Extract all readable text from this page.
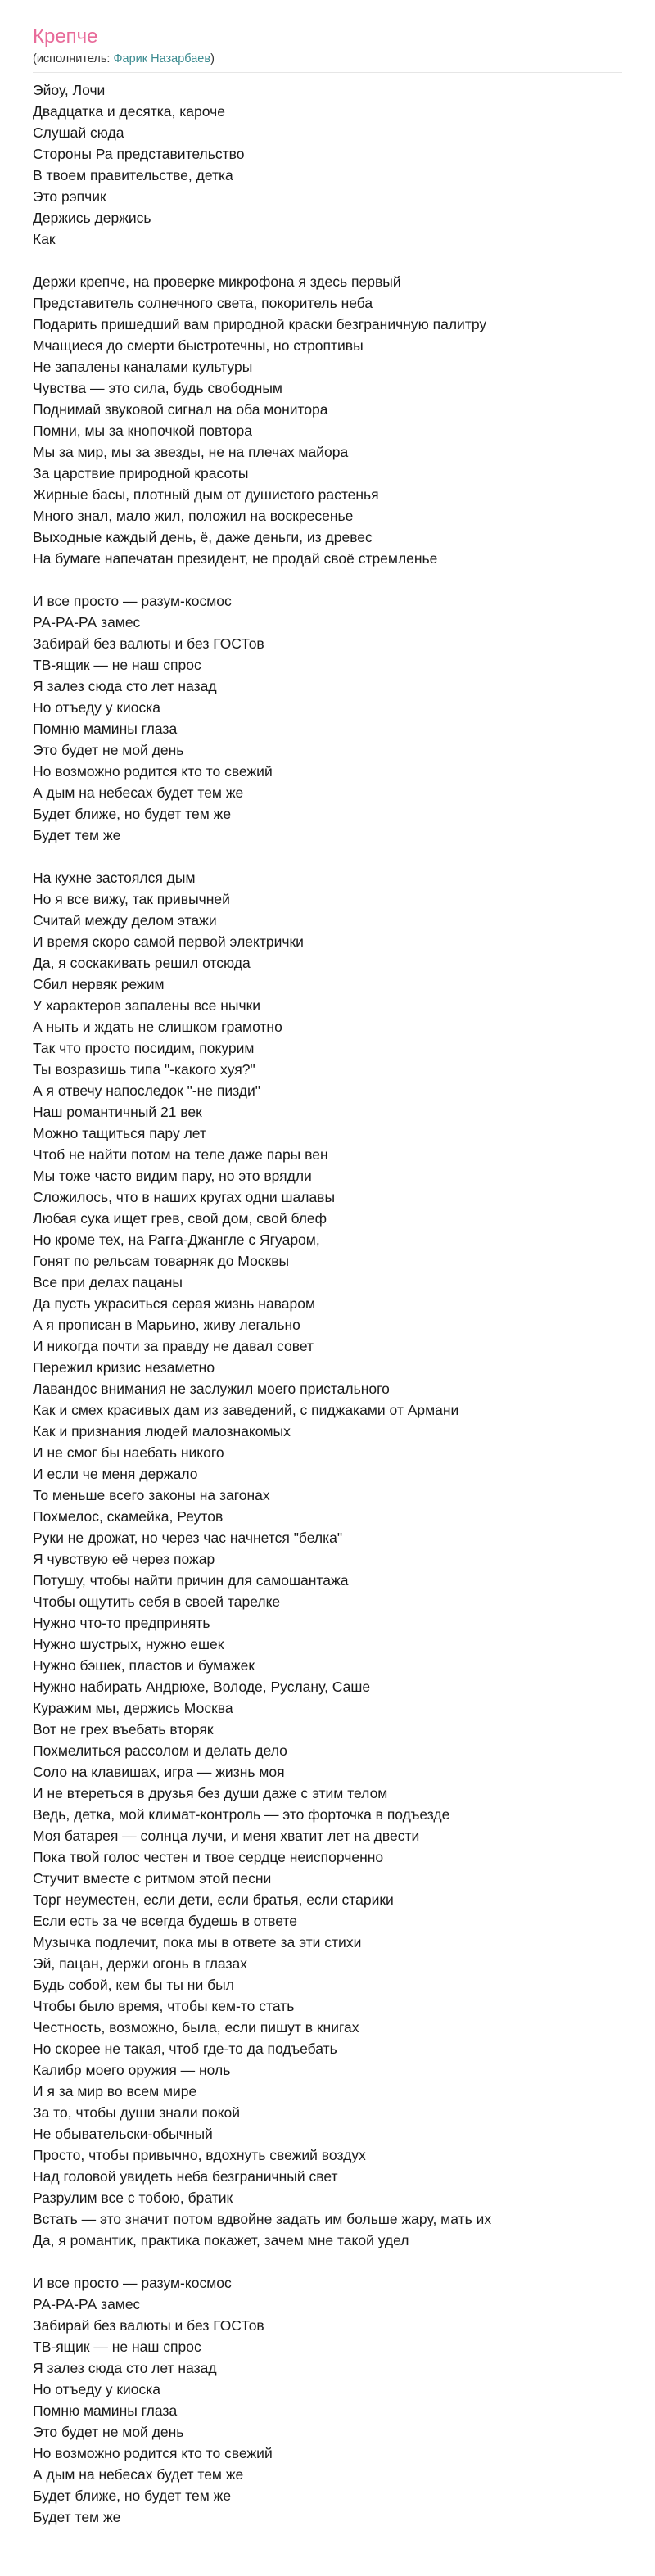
Крепче
(исполнитель: Фарик Назарбаев)
Эйоу, Лочи
Двадцатка и десятка, кароче
Слушай сюда
Стороны Ра представительство
В твоем правительстве, детка
Это рэпчик
Держись держись
Как
Держи крепче, на проверке микрофона я здесь первый
Представитель солнечного света, покоритель неба
Подарить пришедший вам природной краски безграничную палитру
Мчащиеся до смерти быстротечны, но строптивы
Не запалены каналами культуры
Чувства — это сила, будь свободным
Поднимай звуковой сигнал на оба монитора
Помни, мы за кнопочкой повтора
Мы за мир, мы за звезды, не на плечах майора
За царствие природной красоты
Жирные басы, плотный дым от душистого растенья
Много знал, мало жил, положил на воскресенье
Выходные каждый день, ё, даже деньги, из древес
На бумаге напечатан президент, не продай своё стремленье
И все просто — разум-космос
РА-РА-РА замес
Забирай без валюты и без ГОСТов
ТВ-ящик — не наш спрос
Я залез сюда сто лет назад
Но отъеду у киоска
Помню мамины глаза
Это будет не мой день
Но возможно родится кто то свежий
А дым на небесах будет тем же
Будет ближе, но будет тем же
Будет тем же
На кухне застоялся дым
Но я все вижу, так привычней
Считай между делом этажи
И время скоро самой первой электрички
Да, я соскакивать решил отсюда
Сбил нервяк режим
У характеров запалены все нычки
А ныть и ждать не слишком грамотно
Так что просто посидим, покурим
Ты возразишь типа "-какого хуя?"
А я отвечу напоследок "-не пизди"
Наш романтичный 21 век
Можно тащиться пару лет
Чтоб не найти потом на теле даже пары вен
Мы тоже часто видим пару, но это врядли
Сложилось, что в наших кругах одни шалавы
Любая сука ищет грев, свой дом, свой блеф
Но кроме тех, на Рагга-Джангле с Ягуаром,
Гонят по рельсам товарняк до Москвы
Все при делах пацаны
Да пусть украситься серая жизнь наваром
А я прописан в Марьино, живу легально
И никогда почти за правду не давал совет
Пережил кризис незаметно
Лавандос внимания не заслужил моего пристального
Как и смех красивых дам из заведений, с пиджаками от Армани
Как и признания людей малознакомых
И не смог бы наебать никого
И если че меня держало
То меньше всего законы на загонах
Похмелос, скамейка, Реутов
Руки не дрожат, но через час начнется "белка"
Я чувствую её через пожар
Потушу, чтобы найти причин для самошантажа
Чтобы ощутить себя в своей тарелке
Нужно что-то предпринять
Нужно шустрых, нужно ешек
Нужно бэшек, пластов и бумажек
Нужно набирать Андрюхе, Володе, Руслану, Саше
Куражим мы, держись Москва
Вот не грех въебать вторяк
Похмелиться рассолом и делать дело
Соло на клавишах, игра — жизнь моя
И не втереться в друзья без души даже с этим телом
Ведь, детка, мой климат-контроль — это форточка в подъезде
Моя батарея — солнца лучи, и меня хватит лет на двести
Пока твой голос честен и твое сердце неиспорченно
Стучит вместе с ритмом этой песни
Торг неуместен, если дети, если братья, если старики
Если есть за че всегда будешь в ответе
Музычка подлечит, пока мы в ответе за эти стихи
Эй, пацан, держи огонь в глазах
Будь собой, кем бы ты ни был
Чтобы было время, чтобы кем-то стать
Честность, возможно, была, если пишут в книгах
Но скорее не такая, чтоб где-то да подъебать
Калибр моего оружия — ноль
И я за мир во всем мире
За то, чтобы души знали покой
Не обывательски-обычный
Просто, чтобы привычно, вдохнуть свежий воздух
Над головой увидеть неба безграничный свет
Разрулим все с тобою, братик
Встать — это значит потом вдвойне задать им больше жару, мать их
Да, я романтик, практика покажет, зачем мне такой удел
И все просто — разум-космос
РА-РА-РА замес
Забирай без валюты и без ГОСТов
ТВ-ящик — не наш спрос
Я залез сюда сто лет назад
Но отъеду у киоска
Помню мамины глаза
Это будет не мой день
Но возможно родится кто то свежий
А дым на небесах будет тем же
Будет ближе, но будет тем же
Будет тем же
